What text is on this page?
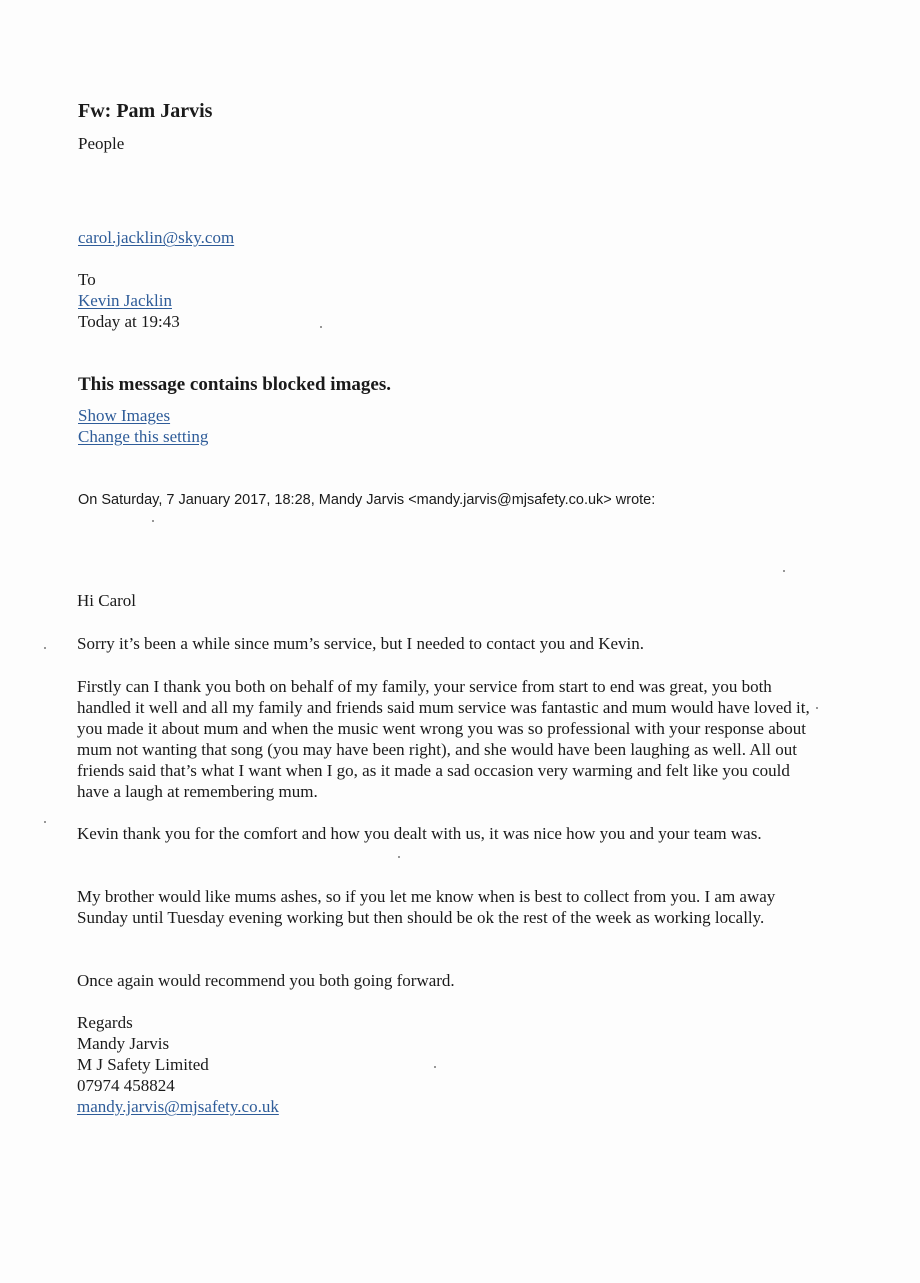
Fw: Pam Jarvis
People
carol.jacklin@sky.com
To
Kevin Jacklin
Today at 19:43
This message contains blocked images.
Show Images
Change this setting
On Saturday, 7 January 2017, 18:28, Mandy Jarvis <mandy.jarvis@mjsafety.co.uk> wrote:
Hi Carol
Sorry it’s been a while since mum’s service, but I needed to contact you and Kevin.
Firstly can I thank you both on behalf of my family, your service from start to end was great, you both handled it well and all my family and friends said mum service was fantastic and mum would have loved it, you made it about mum and when the music went wrong you was so professional with your response about mum not wanting that song (you may have been right), and she would have been laughing as well. All out friends said that’s what I want when I go, as it made a sad occasion very warming and felt like you could have a laugh at remembering mum.
Kevin thank you for the comfort and how you dealt with us, it was nice how you and your team was.
My brother would like mums ashes, so if you let me know when is best to collect from you. I am away Sunday until Tuesday evening working but then should be ok the rest of the week as working locally.
Once again would recommend you both going forward.
Regards
Mandy Jarvis
M J Safety Limited
07974 458824
mandy.jarvis@mjsafety.co.uk
